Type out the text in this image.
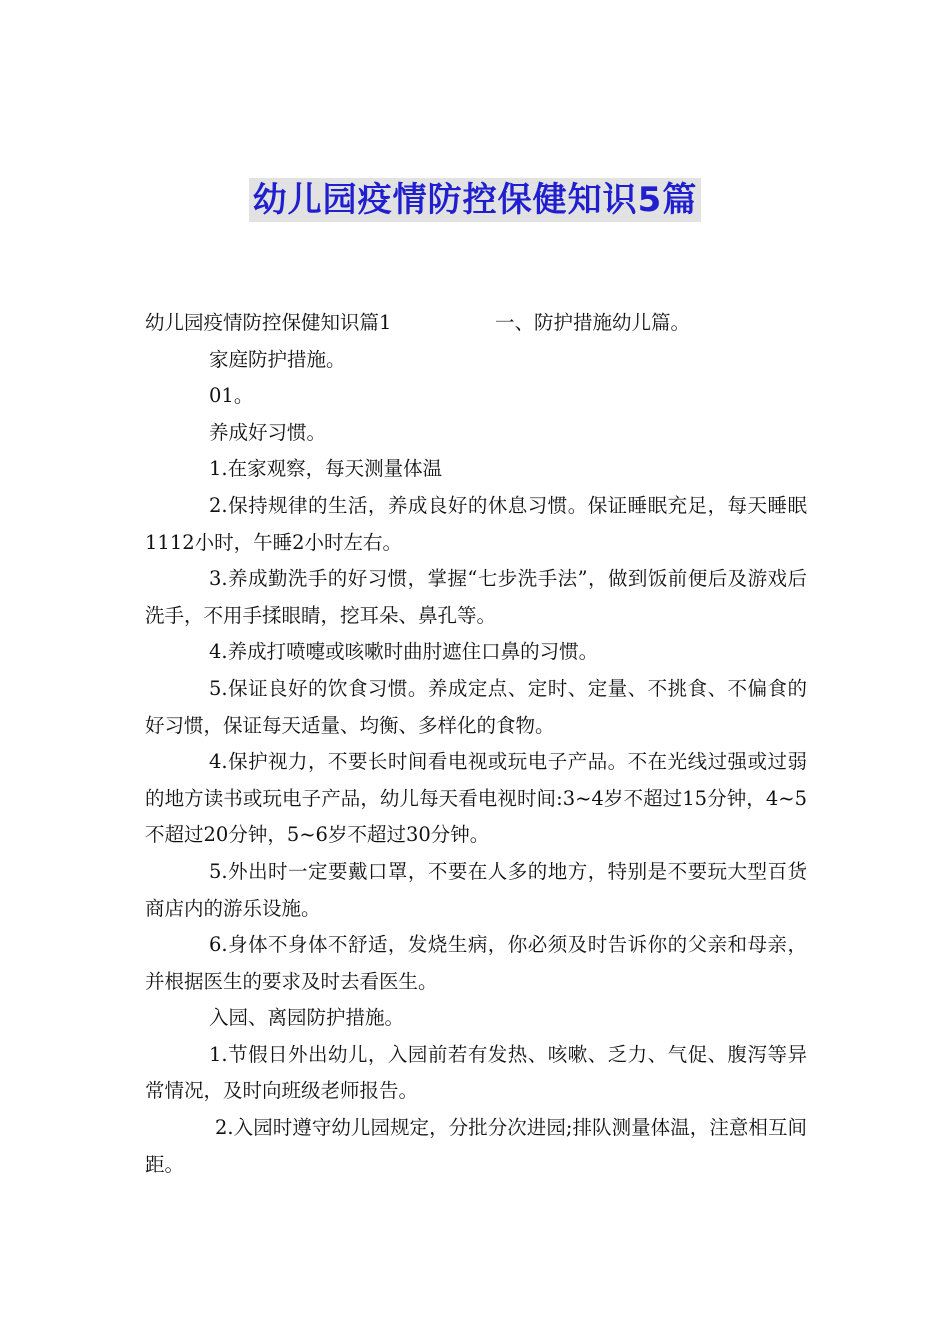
幼儿园疫情防控保健知识5篇
幼儿园疫情防控保健知识篇1	一、防护措施幼儿篇。

家庭防护措施。

01。

养成好习惯。

1.在家观察，每天测量体温

2.保持规律的生活，养成良好的休息习惯。保证睡眠充足，每天睡眠1112小时，午睡2小时左右。

3.养成勤洗手的好习惯，掌握“七步洗手法”，做到饭前便后及游戏后洗手，不用手揉眼睛，挖耳朵、鼻孔等。

4.养成打喷嚏或咳嗽时曲肘遮住口鼻的习惯。

5.保证良好的饮食习惯。养成定点、定时、定量、不挑食、不偏食的好习惯，保证每天适量、均衡、多样化的食物。

4.保护视力，不要长时间看电视或玩电子产品。不在光线过强或过弱的地方读书或玩电子产品，幼儿每天看电视时间:3~4岁不超过15分钟，4~5不超过20分钟，5~6岁不超过30分钟。

5.外出时一定要戴口罩，不要在人多的地方，特别是不要玩大型百货商店内的游乐设施。

6.身体不身体不舒适，发烧生病，你必须及时告诉你的父亲和母亲，并根据医生的要求及时去看医生。

入园、离园防护措施。

1.节假日外出幼儿，入园前若有发热、咳嗽、乏力、气促、腹泻等异常情况，及时向班级老师报告。

2.入园时遵守幼儿园规定，分批分次进园;排队测量体温，注意相互间距。
